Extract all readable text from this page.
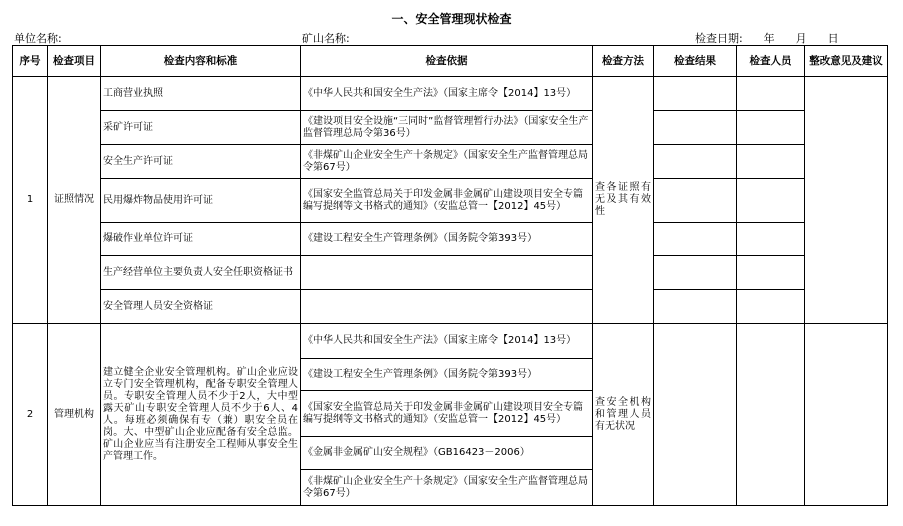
一、安全管理现状检查
单位名称:	矿山名称:	检查日期:      年      月      日
序号	检查项目	检查内容和标准	检查依据	检查方法	检查结果	检查人员	整改意见及建议
1	证照情况	工商营业执照	《中华人民共和国安全生产法》（国家主席令【2014】13号）	查各证照有无及其有效性			
		采矿许可证	《建设项目安全设施“三同时”监督管理暂行办法》（国家安全生产监督管理总局令第36号）				
		安全生产许可证	《非煤矿山企业安全生产十条规定》（国家安全生产监督管理总局令第67号）				
		民用爆炸物品使用许可证	《国家安全监管总局关于印发金属非金属矿山建设项目安全专篇编写提纲等文书格式的通知》（安监总管一【2012】45号）				
		爆破作业单位许可证	《建设工程安全生产管理条例》（国务院令第393号）				
		生产经营单位主要负责人安全任职资格证书					
		安全管理人员安全资格证					
2	管理机构	建立健全企业安全管理机构。矿山企业应设立专门安全管理机构，配备专职安全管理人员。专职安全管理人员不少于2人，大中型露天矿山专职安全管理人员不少于6人、4人。每班必须确保有专（兼）职安全员在岗。大、中型矿山企业应配备有安全总监。矿山企业应当有注册安全工程师从事安全生产管理工作。	《中华人民共和国安全生产法》（国家主席令【2014】13号）	查安全机构和管理人员有无状况			
			《建设工程安全生产管理条例》（国务院令第393号）				
			《国家安全监管总局关于印发金属非金属矿山建设项目安全专篇编写提纲等文书格式的通知》（安监总管一【2012】45号）				
			《金属非金属矿山安全规程》（GB16423－2006）				
			《非煤矿山企业安全生产十条规定》（国家安全生产监督管理总局令第67号）				
